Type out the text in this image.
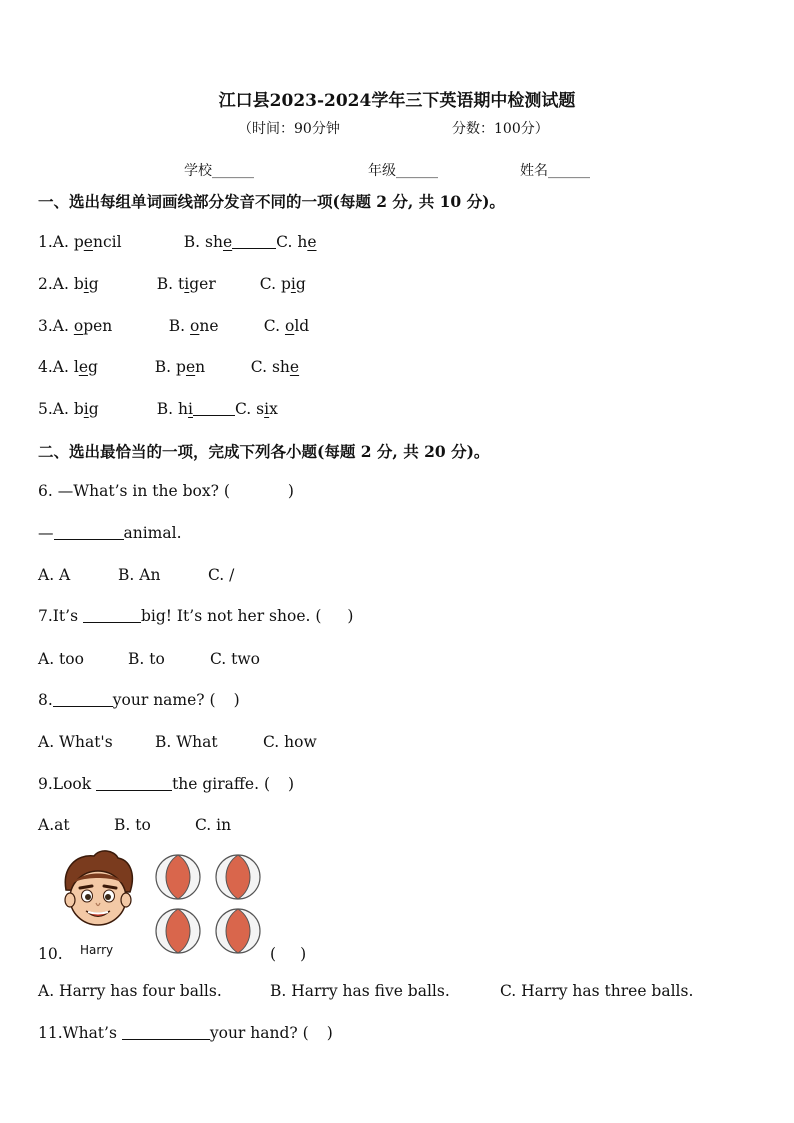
江口县2023-2024学年三下英语期中检测试题
（时间：90分钟	分数：100分）
学校______	年级______	姓名______
一、选出每组单词画线部分发音不同的一项(每题 2 分, 共 10 分)。
1.A. pencil	B. she	C. he
2.A. big	B. tiger	C. pig
3.A. open	B. one	C. old
4.A. leg	B. pen	C. she
5.A. big	B. hi	C. six
二、选出最恰当的一项，完成下列各小题(每题 2 分, 共 20 分)。
6. —What’s in the box? (	)
—	animal.
A. A	B. An	C. /
7.It’s	big! It’s not her shoe. ( )
A. too	B. to	C. two
8.	your name? ( )
A. What's	B. What	C. how
9.Look	the giraffe. ( )
A.at	B. to	C. in
10. Harry	( )
A. Harry has four balls.	B. Harry has five balls.	C. Harry has three balls.
11.What’s	your hand? ( )
